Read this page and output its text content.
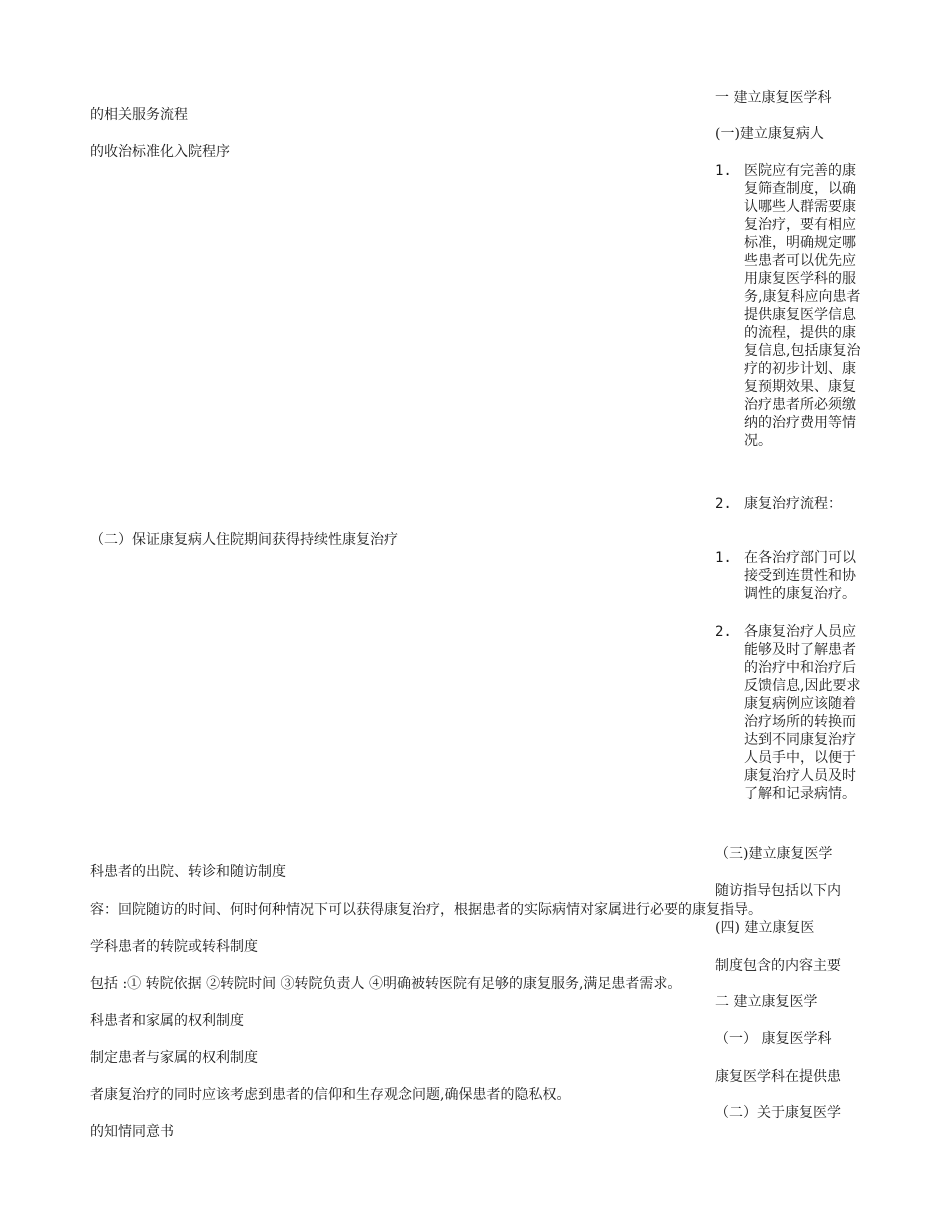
的相关服务流程
的收治标准化入院程序
（二）保证康复病人住院期间获得持续性康复治疗
科患者的出院、转诊和随访制度
容：回院随访的时间、何时何种情况下可以获得康复治疗，根据患者的实际病情对家属进行必要的康复指导。
学科患者的转院或转科制度
包括 :① 转院依据 ②转院时间 ③转院负责人 ④明确被转医院有足够的康复服务,满足患者需求。
科患者和家属的权利制度
制定患者与家属的权利制度
者康复治疗的同时应该考虑到患者的信仰和生存观念问题,确保患者的隐私权。
的知情同意书
一 建立康复医学科
(一)建立康复病人
1. 医院应有完善的康复筛查制度，以确认哪些人群需要康复治疗，要有相应标准，明确规定哪些患者可以优先应用康复医学科的服务,康复科应向患者提供康复医学信息的流程，提供的康复信息,包括康复治疗的初步计划、康复预期效果、康复治疗患者所必须缴纳的治疗费用等情况。
2. 康复治疗流程：
1. 在各治疗部门可以接受到连贯性和协调性的康复治疗。
2. 各康复治疗人员应能够及时了解患者的治疗中和治疗后反馈信息,因此要求康复病例应该随着治疗场所的转换而达到不同康复治疗人员手中，以便于康复治疗人员及时了解和记录病情。
（三)建立康复医学
随访指导包括以下内
(四) 建立康复医
制度包含的内容主要
二 建立康复医学
（一） 康复医学科
康复医学科在提供患
（二）关于康复医学
